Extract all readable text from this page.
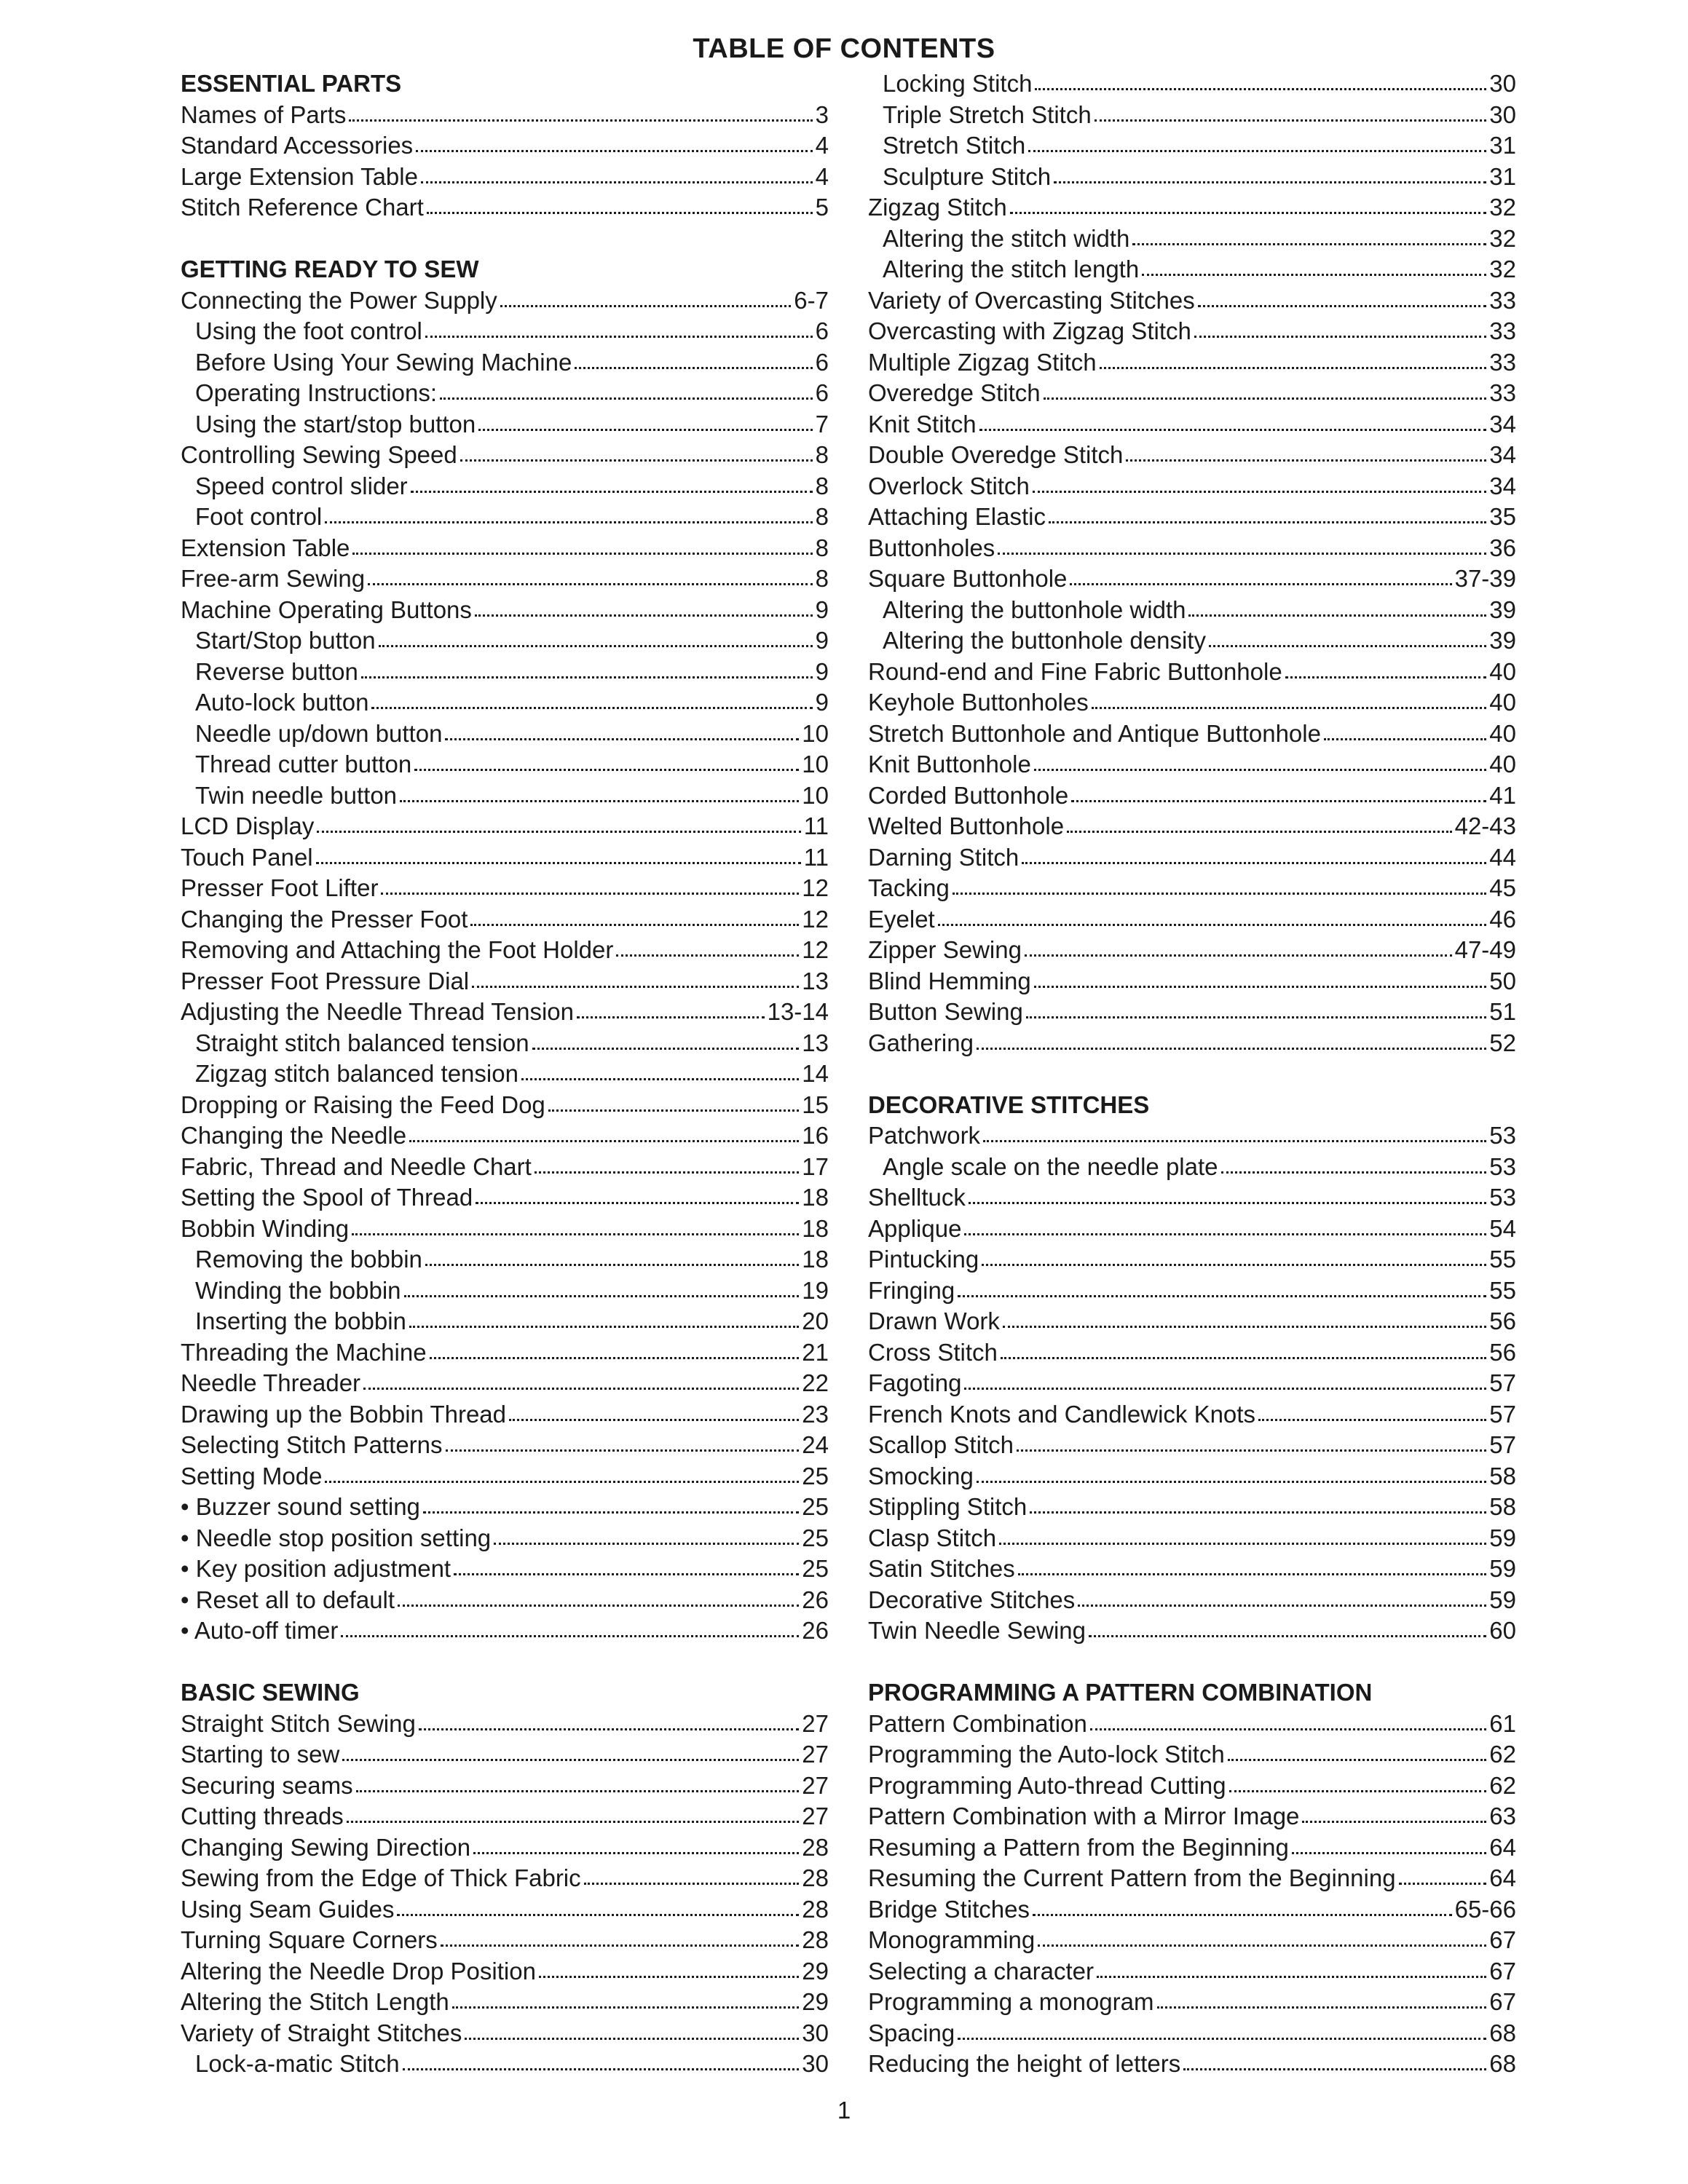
TABLE OF CONTENTS
ESSENTIAL PARTS
Names of Parts	3
Standard Accessories	4
Large Extension Table	4
Stitch Reference Chart	5
GETTING READY TO SEW
Connecting the Power Supply	6-7
Using the foot control	6
Before Using Your Sewing Machine	6
Operating Instructions:	6
Using the start/stop button	7
Controlling Sewing Speed	8
Speed control slider	8
Foot control	8
Extension Table	8
Free-arm Sewing	8
Machine Operating Buttons	9
Start/Stop button	9
Reverse button	9
Auto-lock button	9
Needle up/down button	10
Thread cutter button	10
Twin needle button	10
LCD Display	11
Touch Panel	11
Presser Foot Lifter	12
Changing the Presser Foot	12
Removing and Attaching the Foot Holder	12
Presser Foot Pressure Dial	13
Adjusting the Needle Thread Tension	13-14
Straight stitch balanced tension	13
Zigzag stitch balanced tension	14
Dropping or Raising the Feed Dog	15
Changing the Needle	16
Fabric, Thread and Needle Chart	17
Setting the Spool of Thread	18
Bobbin Winding	18
Removing the bobbin	18
Winding the bobbin	19
Inserting the bobbin	20
Threading the Machine	21
Needle Threader	22
Drawing up the Bobbin Thread	23
Selecting Stitch Patterns	24
Setting Mode	25
• Buzzer sound setting	25
• Needle stop position setting	25
• Key position adjustment	25
• Reset all to default	26
• Auto-off timer	26
BASIC SEWING
Straight Stitch Sewing	27
Starting to sew	27
Securing seams	27
Cutting threads	27
Changing Sewing Direction	28
Sewing from the Edge of Thick Fabric	28
Using Seam Guides	28
Turning Square Corners	28
Altering the Needle Drop Position	29
Altering the Stitch Length	29
Variety of Straight Stitches	30
Lock-a-matic Stitch	30
Locking Stitch	30
Triple Stretch Stitch	30
Stretch Stitch	31
Sculpture Stitch	31
Zigzag Stitch	32
Altering the stitch width	32
Altering the stitch length	32
Variety of Overcasting Stitches	33
Overcasting with Zigzag Stitch	33
Multiple Zigzag Stitch	33
Overedge Stitch	33
Knit Stitch	34
Double Overedge Stitch	34
Overlock Stitch	34
Attaching Elastic	35
Buttonholes	36
Square Buttonhole	37-39
Altering the buttonhole width	39
Altering the buttonhole density	39
Round-end and Fine Fabric Buttonhole	40
Keyhole Buttonholes	40
Stretch Buttonhole and Antique Buttonhole	40
Knit Buttonhole	40
Corded Buttonhole	41
Welted Buttonhole	42-43
Darning Stitch	44
Tacking	45
Eyelet	46
Zipper Sewing	47-49
Blind Hemming	50
Button Sewing	51
Gathering	52
DECORATIVE STITCHES
Patchwork	53
Angle scale on the needle plate	53
Shelltuck	53
Applique	54
Pintucking	55
Fringing	55
Drawn Work	56
Cross Stitch	56
Fagoting	57
French Knots and Candlewick Knots	57
Scallop Stitch	57
Smocking	58
Stippling Stitch	58
Clasp Stitch	59
Satin Stitches	59
Decorative Stitches	59
Twin Needle Sewing	60
PROGRAMMING A PATTERN COMBINATION
Pattern Combination	61
Programming the Auto-lock Stitch	62
Programming Auto-thread Cutting	62
Pattern Combination with a Mirror Image	63
Resuming a Pattern from the Beginning	64
Resuming the Current Pattern from the Beginning	64
Bridge Stitches	65-66
Monogramming	67
Selecting a character	67
Programming a monogram	67
Spacing	68
Reducing the height of letters	68
1
